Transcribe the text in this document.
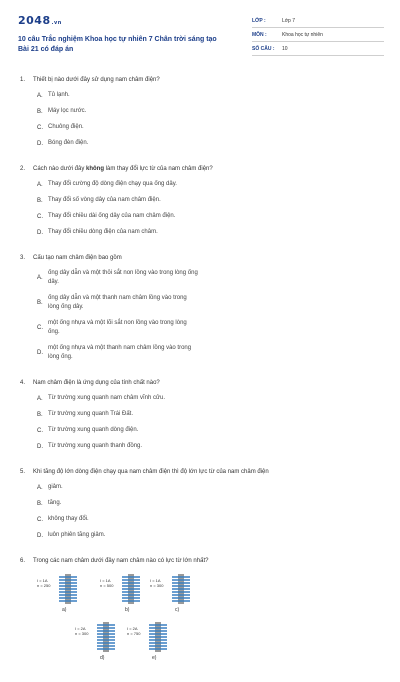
2048.vn
10 câu Trắc nghiệm Khoa học tự nhiên 7 Chân trời sáng tạo Bài 21 có đáp án
LỚP :	Lớp 7
MÔN :	Khoa học tự nhiên
SỐ CÂU :	10
1. Thiết bị nào dưới đây sử dụng nam châm điện?
A. Tủ lạnh.
B. Máy lọc nước.
C. Chuông điện.
D. Bóng đèn điện.
2. Cách nào dưới đây không làm thay đổi lực từ của nam châm điện?
A. Thay đổi cường độ dòng điện chạy qua ống dây.
B. Thay đổi số vòng dây của nam châm điện.
C. Thay đổi chiều dài ống dây của nam châm điện.
D. Thay đổi chiều dòng điện của nam châm.
3. Cấu tạo nam châm điện bao gồm
A.
ống dây dẫn và một thỏi sắt non lồng vào trong lòng ống dây.
B.
ống dây dẫn và một thanh nam châm lồng vào trong lòng ống dây.
C.
một ống nhựa và một lõi sắt non lồng vào trong lòng ống.
D.
một ống nhựa và một thanh nam châm lồng vào trong lòng ống.
4. Nam châm điện là ứng dụng của tính chất nào?
A. Từ trường xung quanh nam châm vĩnh cửu.
B. Từ trường xung quanh Trái Đất.
C. Từ trường xung quanh dòng điện.
D. Từ trường xung quanh thanh đồng.
5. Khi tăng độ lớn dòng điện chạy qua nam châm điện thì độ lớn lực từ của nam châm điện
A. giảm.
B. tăng.
C. không thay đổi.
D. luôn phiên tăng giảm.
6. Trong các nam châm dưới đây nam châm nào có lực từ lớn nhất?
I = 1A
n = 250
a)
I = 1A
n = 500
b)
I = 1A
n = 300
c)
I = 2A
n = 300
d)
I = 2A
n = 750
e)
